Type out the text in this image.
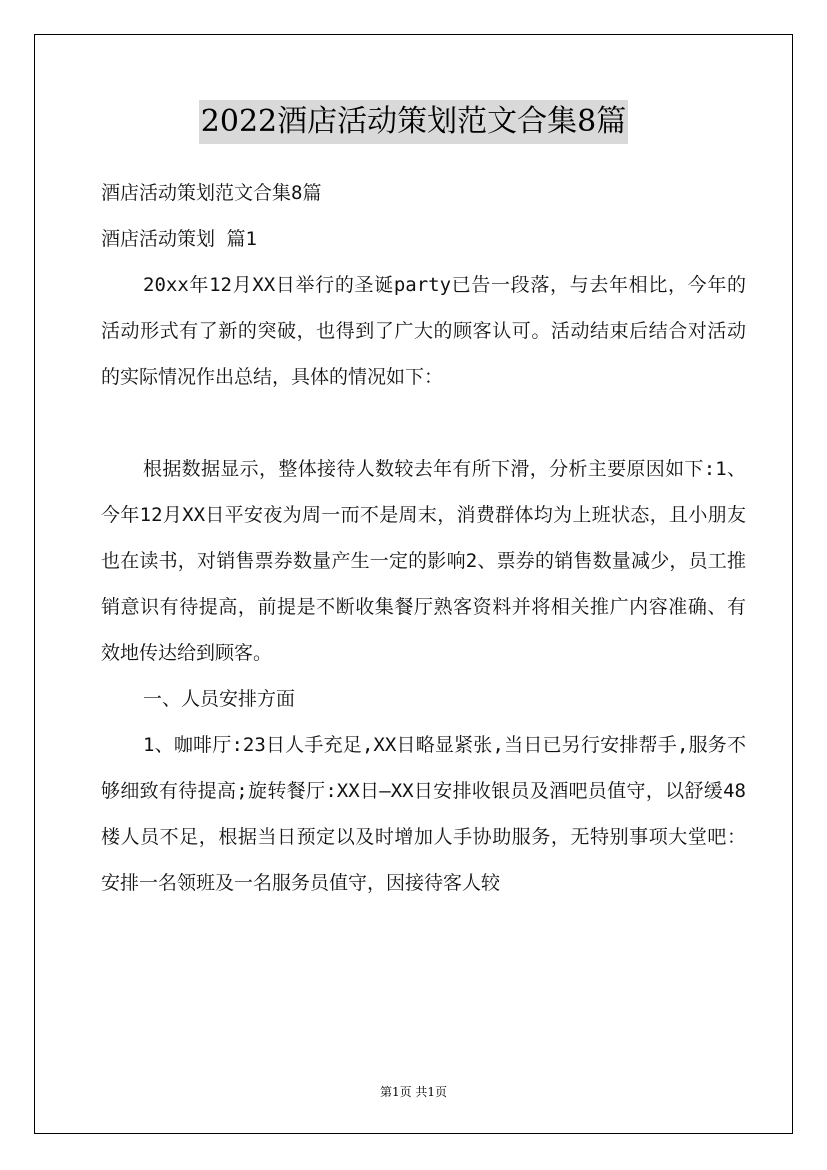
2022酒店活动策划范文合集8篇

酒店活动策划范文合集8篇

酒店活动策划 篇1

20xx年12月XX日举行的圣诞party已告一段落，与去年相比，今年的活动形式有了新的突破，也得到了广大的顾客认可。活动结束后结合对活动的实际情况作出总结，具体的情况如下：

根据数据显示，整体接待人数较去年有所下滑，分析主要原因如下:1、今年12月XX日平安夜为周一而不是周末，消费群体均为上班状态，且小朋友也在读书，对销售票券数量产生一定的影响2、票券的销售数量减少，员工推销意识有待提高，前提是不断收集餐厅熟客资料并将相关推广内容准确、有效地传达给到顾客。

一、人员安排方面

1、咖啡厅:23日人手充足,XX日略显紧张,当日已另行安排帮手,服务不够细致有待提高;旋转餐厅:XX日—XX日安排收银员及酒吧员值守，以舒缓48楼人员不足，根据当日预定以及时增加人手协助服务，无特别事项大堂吧：安排一名领班及一名服务员值守，因接待客人较

第1页 共1页
